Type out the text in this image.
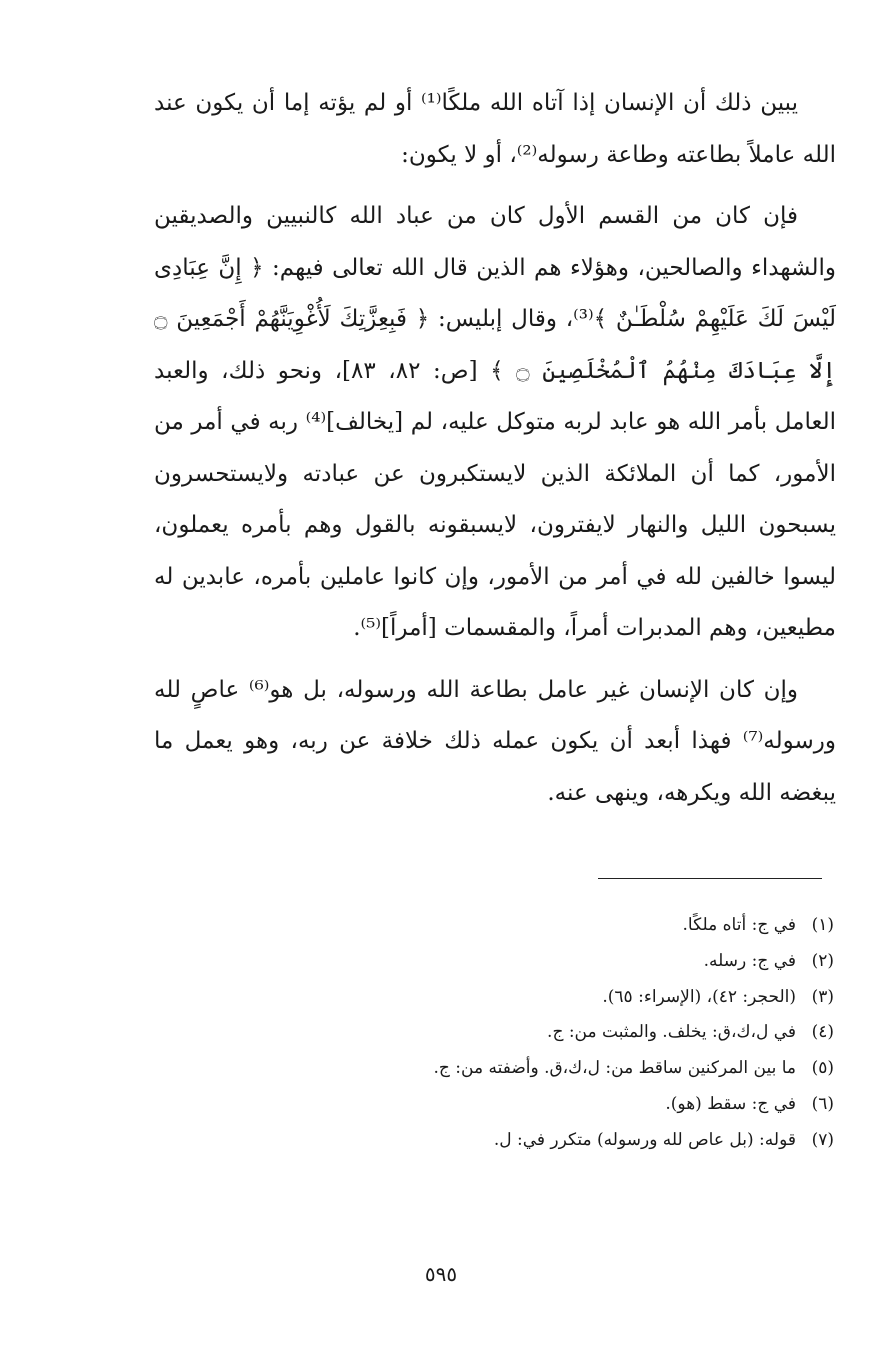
يبين ذلك أن الإنسان إذا آتاه الله ملكًا⁽¹⁾ أو لم يؤته إما أن يكون عند الله عاملاً بطاعته وطاعة رسوله⁽²⁾، أو لا يكون:

فإن كان من القسم الأول كان من عباد الله كالنبيين والصديقين والشهداء والصالحين، وهؤلاء هم الذين قال الله تعالى فيهم: ﴿ إِنَّ عِبَادِى لَيْسَ لَكَ عَلَيْهِمْ سُلْطَـٰنٌ ﴾⁽³⁾، وقال إبليس: ﴿ فَبِعِزَّتِكَ لَأُغْوِيَنَّهُمْ أَجْمَعِينَ ۝ إِلَّا عِبَادَكَ مِنْهُمُ ٱلْمُخْلَصِينَ ۝ ﴾ [ص: ٨٢، ٨٣]، ونحو ذلك، والعبد العامل بأمر الله هو عابد لربه متوكل عليه، لم [يخالف]⁽⁴⁾ ربه في أمر من الأمور، كما أن الملائكة الذين لايستكبرون عن عبادته ولايستحسرون يسبحون الليل والنهار لايفترون، لايسبقونه بالقول وهم بأمره يعملون، ليسوا خالفين لله في أمر من الأمور، وإن كانوا عاملين بأمره، عابدين له مطيعين، وهم المدبرات أمراً، والمقسمات [أمراً]⁽⁵⁾.

وإن كان الإنسان غير عامل بطاعة الله ورسوله، بل هو⁽⁶⁾ عاصٍ لله ورسوله⁽⁷⁾ فهذا أبعد أن يكون عمله ذلك خلافة عن ربه، وهو يعمل ما يبغضه الله ويكرهه، وينهى عنه.

(١)
في ج: أتاه ملكًا.
(٢)
في ج: رسله.
(٣)
(الحجر: ٤٢)، (الإسراء: ٦٥).
(٤)
في ل،ك،ق: يخلف. والمثبت من: ج.
(٥)
ما بين المركنين ساقط من: ل،ك،ق. وأضفته من: ج.
(٦)
في ج: سقط (هو).
(٧)
قوله: (بل عاص لله ورسوله) متكرر في: ل.
٥٩٥
